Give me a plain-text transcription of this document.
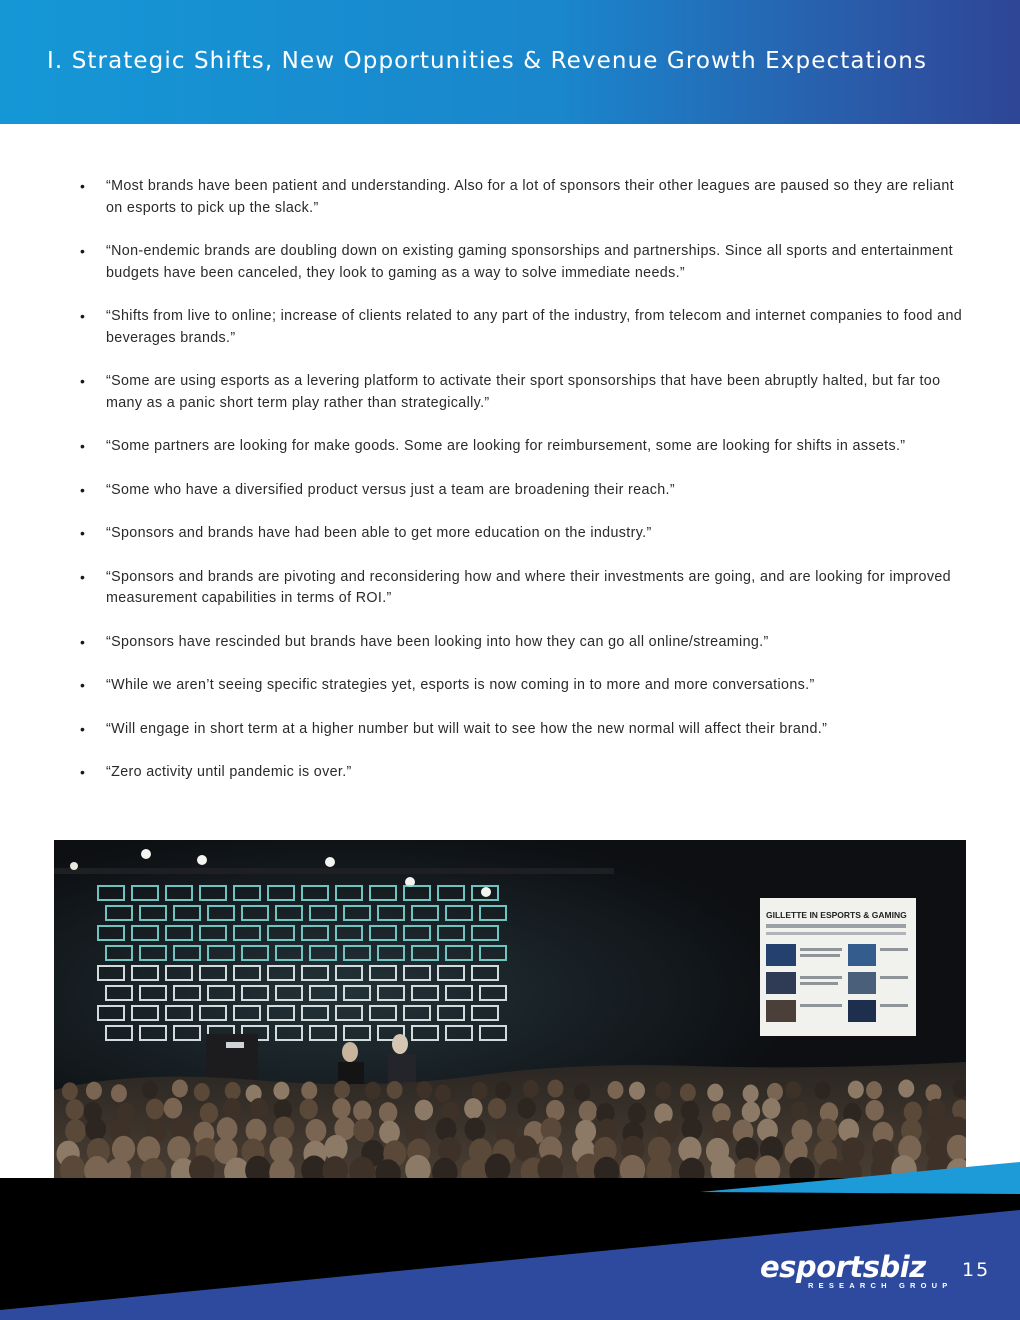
I. Strategic Shifts, New Opportunities & Revenue Growth Expectations
• “Most brands have been patient and understanding. Also for a lot of sponsors their other leagues are paused so they are reliant on esports to pick up the slack.”
• “Non-endemic brands are doubling down on existing gaming sponsorships and partnerships. Since all sports and entertainment budgets have been canceled, they look to gaming as a way to solve immediate needs.”
• “Shifts from live to online; increase of clients related to any part of the industry, from telecom and internet companies to food and beverages brands.”
• “Some are using esports as a levering platform to activate their sport sponsorships that have been abruptly halted, but far too many as a panic short term play rather than strategically.”
• “Some partners are looking for make goods. Some are looking for reimbursement, some are looking for shifts in assets.”
• “Some who have a diversified product versus just a team are broadening their reach.”
• “Sponsors and brands have had been able to get more education on the industry.”
• “Sponsors and brands are pivoting and reconsidering how and where their investments are going, and are looking for improved measurement capabilities in terms of ROI.”
• “Sponsors have rescinded but brands have been looking into how they can go all online/streaming.”
• “While we aren’t seeing specific strategies yet, esports is now coming in to more and more conversations.”
• “Will engage in short term at a higher number but will wait to see how the new normal will affect their brand.”
• “Zero activity until pandemic is over.”
GILLETTE IN ESPORTS & GAMING
esportsbiz
RESEARCH GROUP
15
